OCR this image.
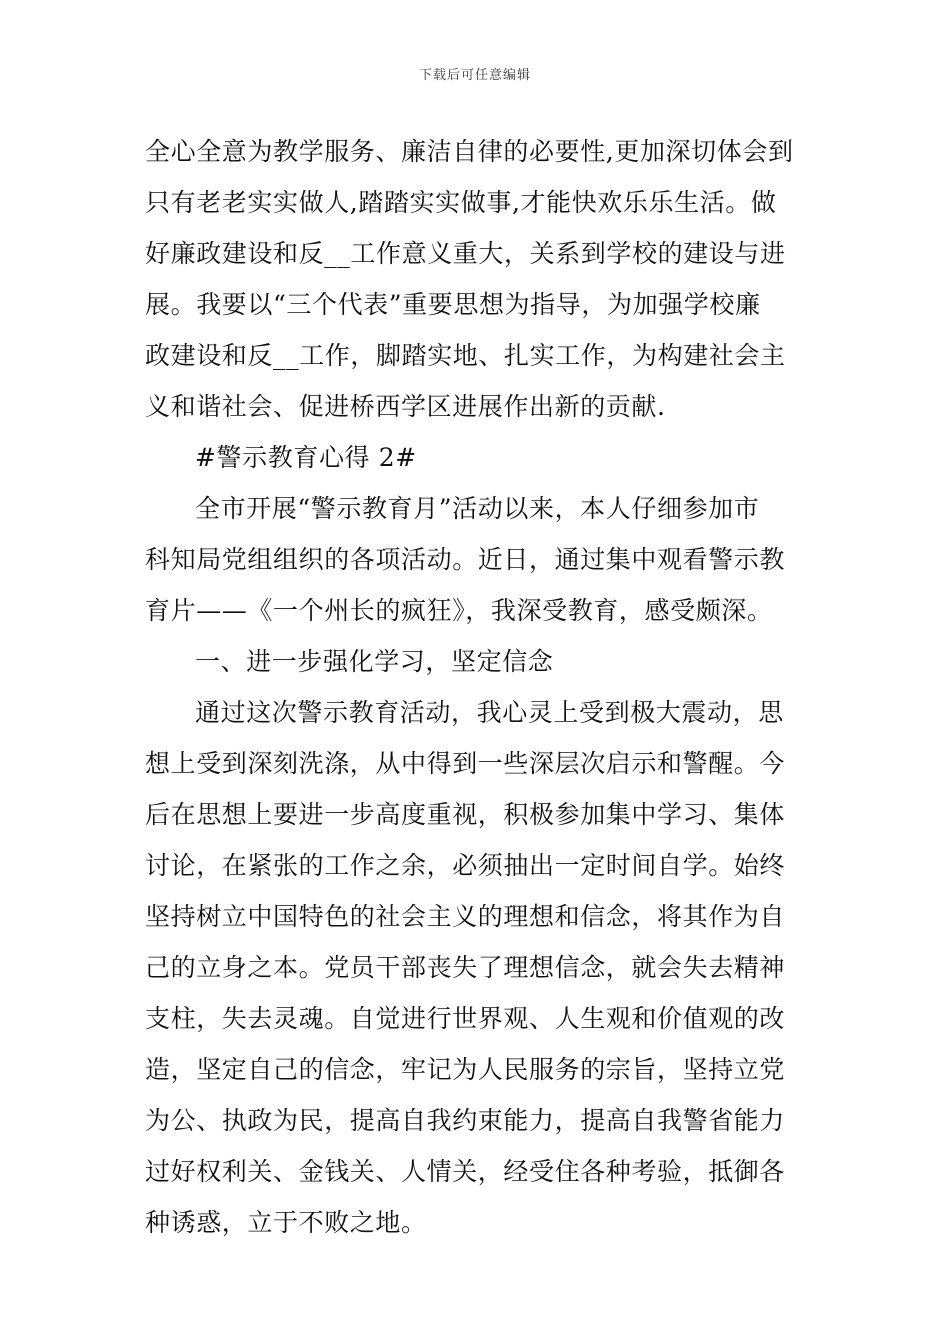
下载后可任意编辑
全心全意为教学服务、廉洁自律的必要性,更加深切体会到
只有老老实实做人,踏踏实实做事,才能快欢乐乐生活。做
好廉政建设和反__工作意义重大，关系到学校的建设与进
展。我要以“三个代表”重要思想为指导，为加强学校廉
政建设和反__工作，脚踏实地、扎实工作，为构建社会主
义和谐社会、促进桥西学区进展作出新的贡献.
#警示教育心得 2#
全市开展“警示教育月”活动以来，本人仔细参加市
科知局党组组织的各项活动。近日，通过集中观看警示教
育片——《一个州长的疯狂》，我深受教育，感受颇深。
一、进一步强化学习，坚定信念
通过这次警示教育活动，我心灵上受到极大震动，思
想上受到深刻洗涤，从中得到一些深层次启示和警醒。今
后在思想上要进一步高度重视，积极参加集中学习、集体
讨论，在紧张的工作之余，必须抽出一定时间自学。始终
坚持树立中国特色的社会主义的理想和信念，将其作为自
己的立身之本。党员干部丧失了理想信念，就会失去精神
支柱，失去灵魂。自觉进行世界观、人生观和价值观的改
造，坚定自己的信念，牢记为人民服务的宗旨，坚持立党
为公、执政为民，提高自我约束能力，提高自我警省能力
过好权利关、金钱关、人情关，经受住各种考验，抵御各
种诱惑，立于不败之地。
